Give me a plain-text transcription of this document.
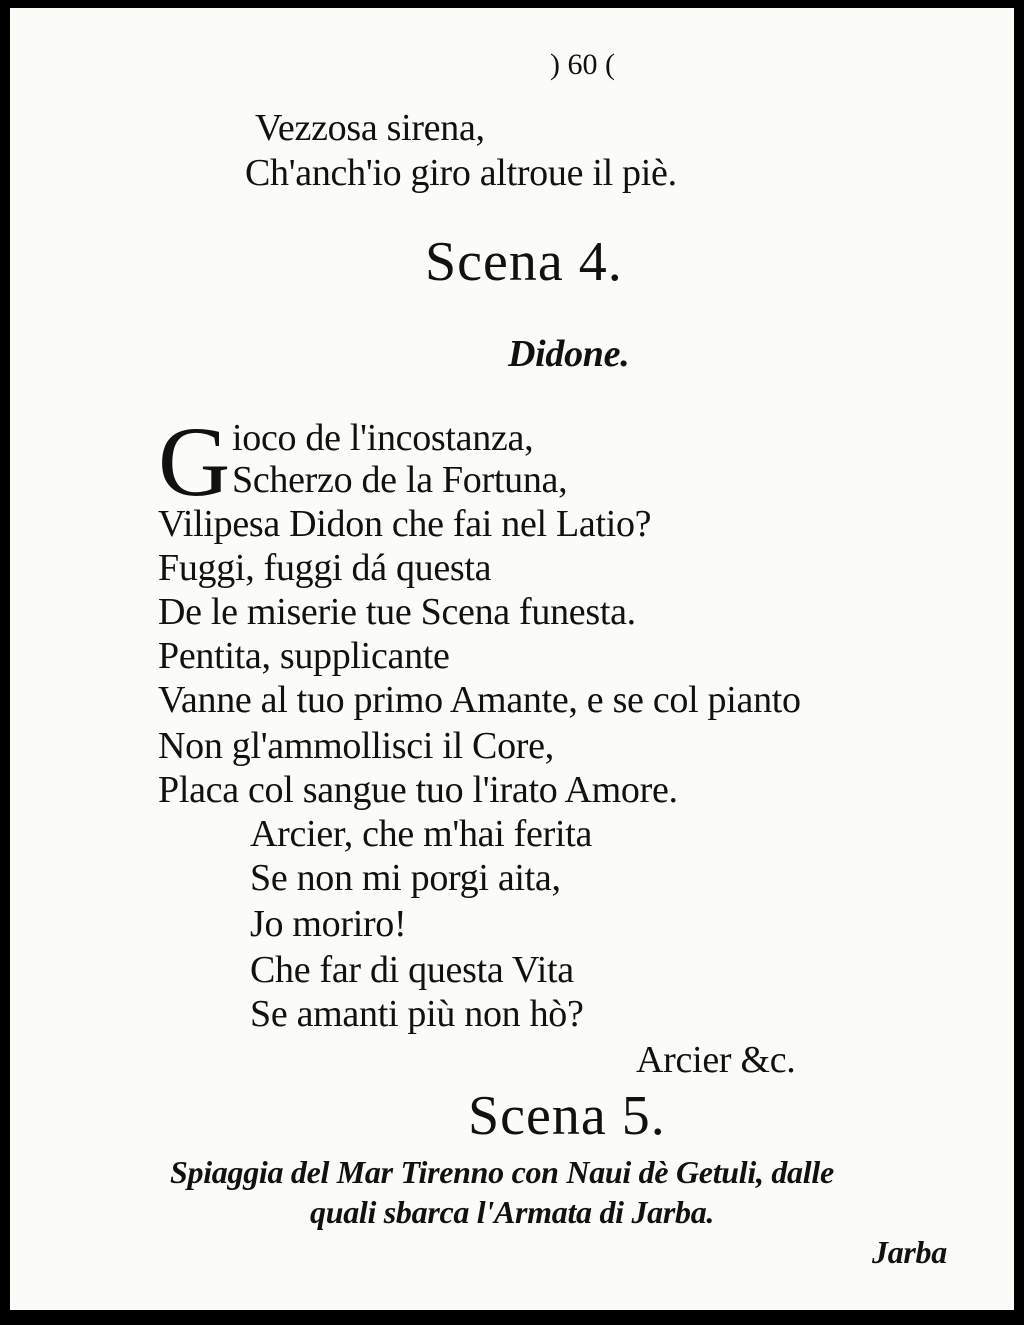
) 60 (
Vezzosa sirena,
Ch'anch'io giro altroue il piè.
Scena 4.
Didone.
G ioco de l'incostanza,
Scherzo de la Fortuna,
Vilipesa Didon che fai nel Latio?
Fuggi, fuggi dá questa
De le miserie tue Scena funesta.
Pentita, supplicante
Vanne al tuo primo Amante, e se col pianto
Non gl'ammollisci il Core,
Placa col sangue tuo l'irato Amore.
Arcier, che m'hai ferita
Se non mi porgi aita,
Jo moriro!
Che far di questa Vita
Se amanti più non hò?
Arcier &c.
Scena 5.
Spiaggia del Mar Tirenno con Naui dè Getuli, dalle
quali sbarca l'Armata di Jarba.
Jarba
